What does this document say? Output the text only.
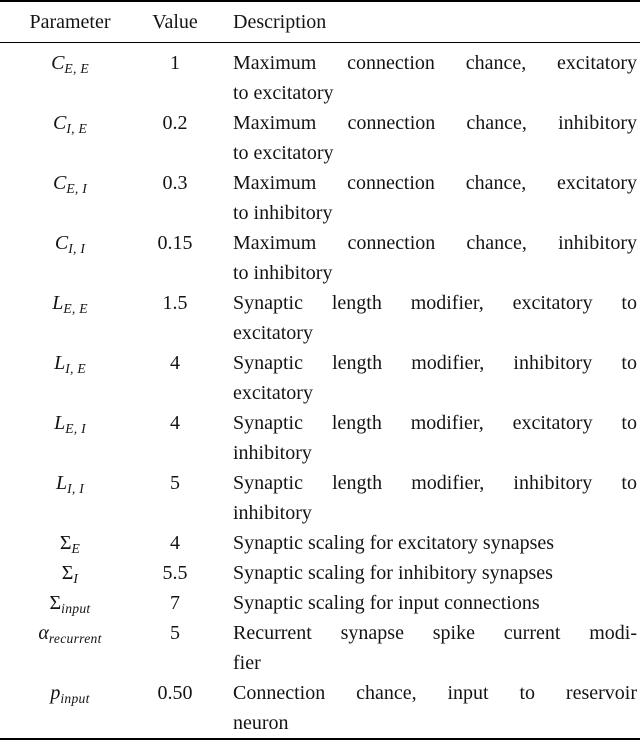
Parameter	Value	Description
$C_{E, E}$	1	Maximum connection chance, excitatory
to excitatory

$C_{I, E}$	0.2	Maximum connection chance, inhibitory
to excitatory

$C_{E, I}$	0.3	Maximum connection chance, excitatory
to inhibitory

$C_{I, I}$	0.15	Maximum connection chance, inhibitory
to inhibitory

$L_{E, E}$	1.5	Synaptic length modifier, excitatory to
excitatory

$L_{I, E}$	4	Synaptic length modifier, inhibitory to
excitatory

$L_{E, I}$	4	Synaptic length modifier, excitatory to
inhibitory

$L_{I, I}$	5	Synaptic length modifier, inhibitory to
inhibitory

$\Sigma_E$	4	Synaptic scaling for excitatory synapses

$\Sigma_I$	5.5	Synaptic scaling for inhibitory synapses

$\Sigma_{input}$	7	Synaptic scaling for input connections

$\alpha_{recurrent}$	5	Recurrent synapse spike current modi-
fier

$p_{input}$	0.50	Connection chance, input to reservoir
neuron
